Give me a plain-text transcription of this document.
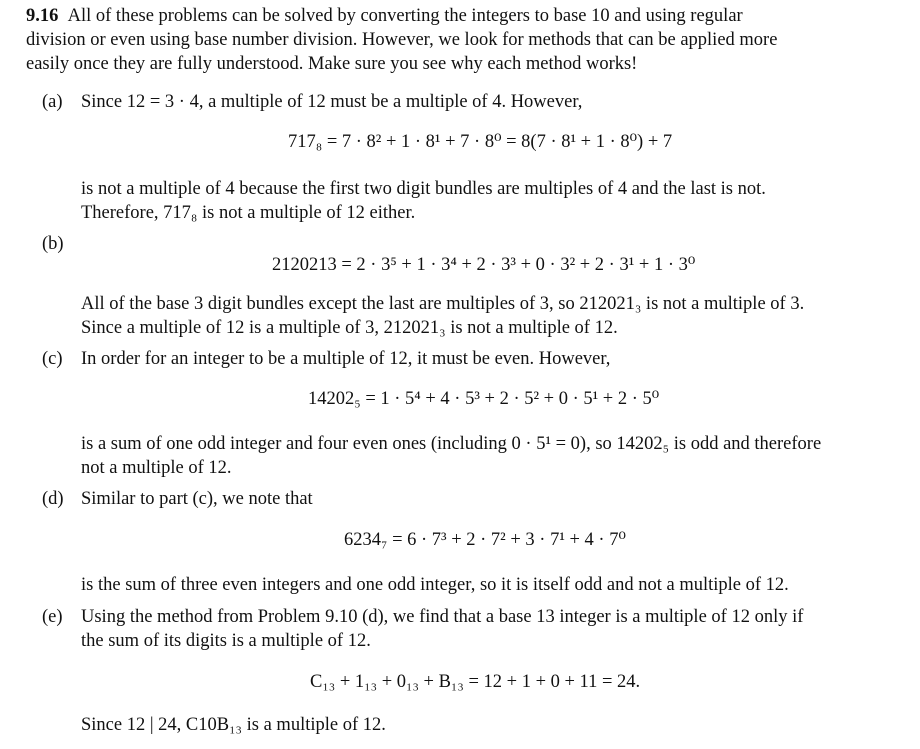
9.16 All of these problems can be solved by converting the integers to base 10 and using regular
division or even using base number division. However, we look for methods that can be applied more
easily once they are fully understood. Make sure you see why each method works!
(a) Since 12 = 3 · 4, a multiple of 12 must be a multiple of 4. However,
717₈ = 7 · 8² + 1 · 8¹ + 7 · 8⁰ = 8(7 · 8¹ + 1 · 8⁰) + 7
is not a multiple of 4 because the first two digit bundles are multiples of 4 and the last is not.
Therefore, 717₈ is not a multiple of 12 either.
(b)
2120213 = 2 · 3⁵ + 1 · 3⁴ + 2 · 3³ + 0 · 3² + 2 · 3¹ + 1 · 3⁰
All of the base 3 digit bundles except the last are multiples of 3, so 212021₃ is not a multiple of 3.
Since a multiple of 12 is a multiple of 3, 212021₃ is not a multiple of 12.
(c) In order for an integer to be a multiple of 12, it must be even. However,
14202₅ = 1 · 5⁴ + 4 · 5³ + 2 · 5² + 0 · 5¹ + 2 · 5⁰
is a sum of one odd integer and four even ones (including 0 · 5¹ = 0), so 14202₅ is odd and therefore
not a multiple of 12.
(d) Similar to part (c), we note that
6234₇ = 6 · 7³ + 2 · 7² + 3 · 7¹ + 4 · 7⁰
is the sum of three even integers and one odd integer, so it is itself odd and not a multiple of 12.
(e) Using the method from Problem 9.10 (d), we find that a base 13 integer is a multiple of 12 only if
the sum of its digits is a multiple of 12.
C₁₃ + 1₁₃ + 0₁₃ + B₁₃ = 12 + 1 + 0 + 11 = 24.
Since 12 | 24, C10B₁₃ is a multiple of 12.
